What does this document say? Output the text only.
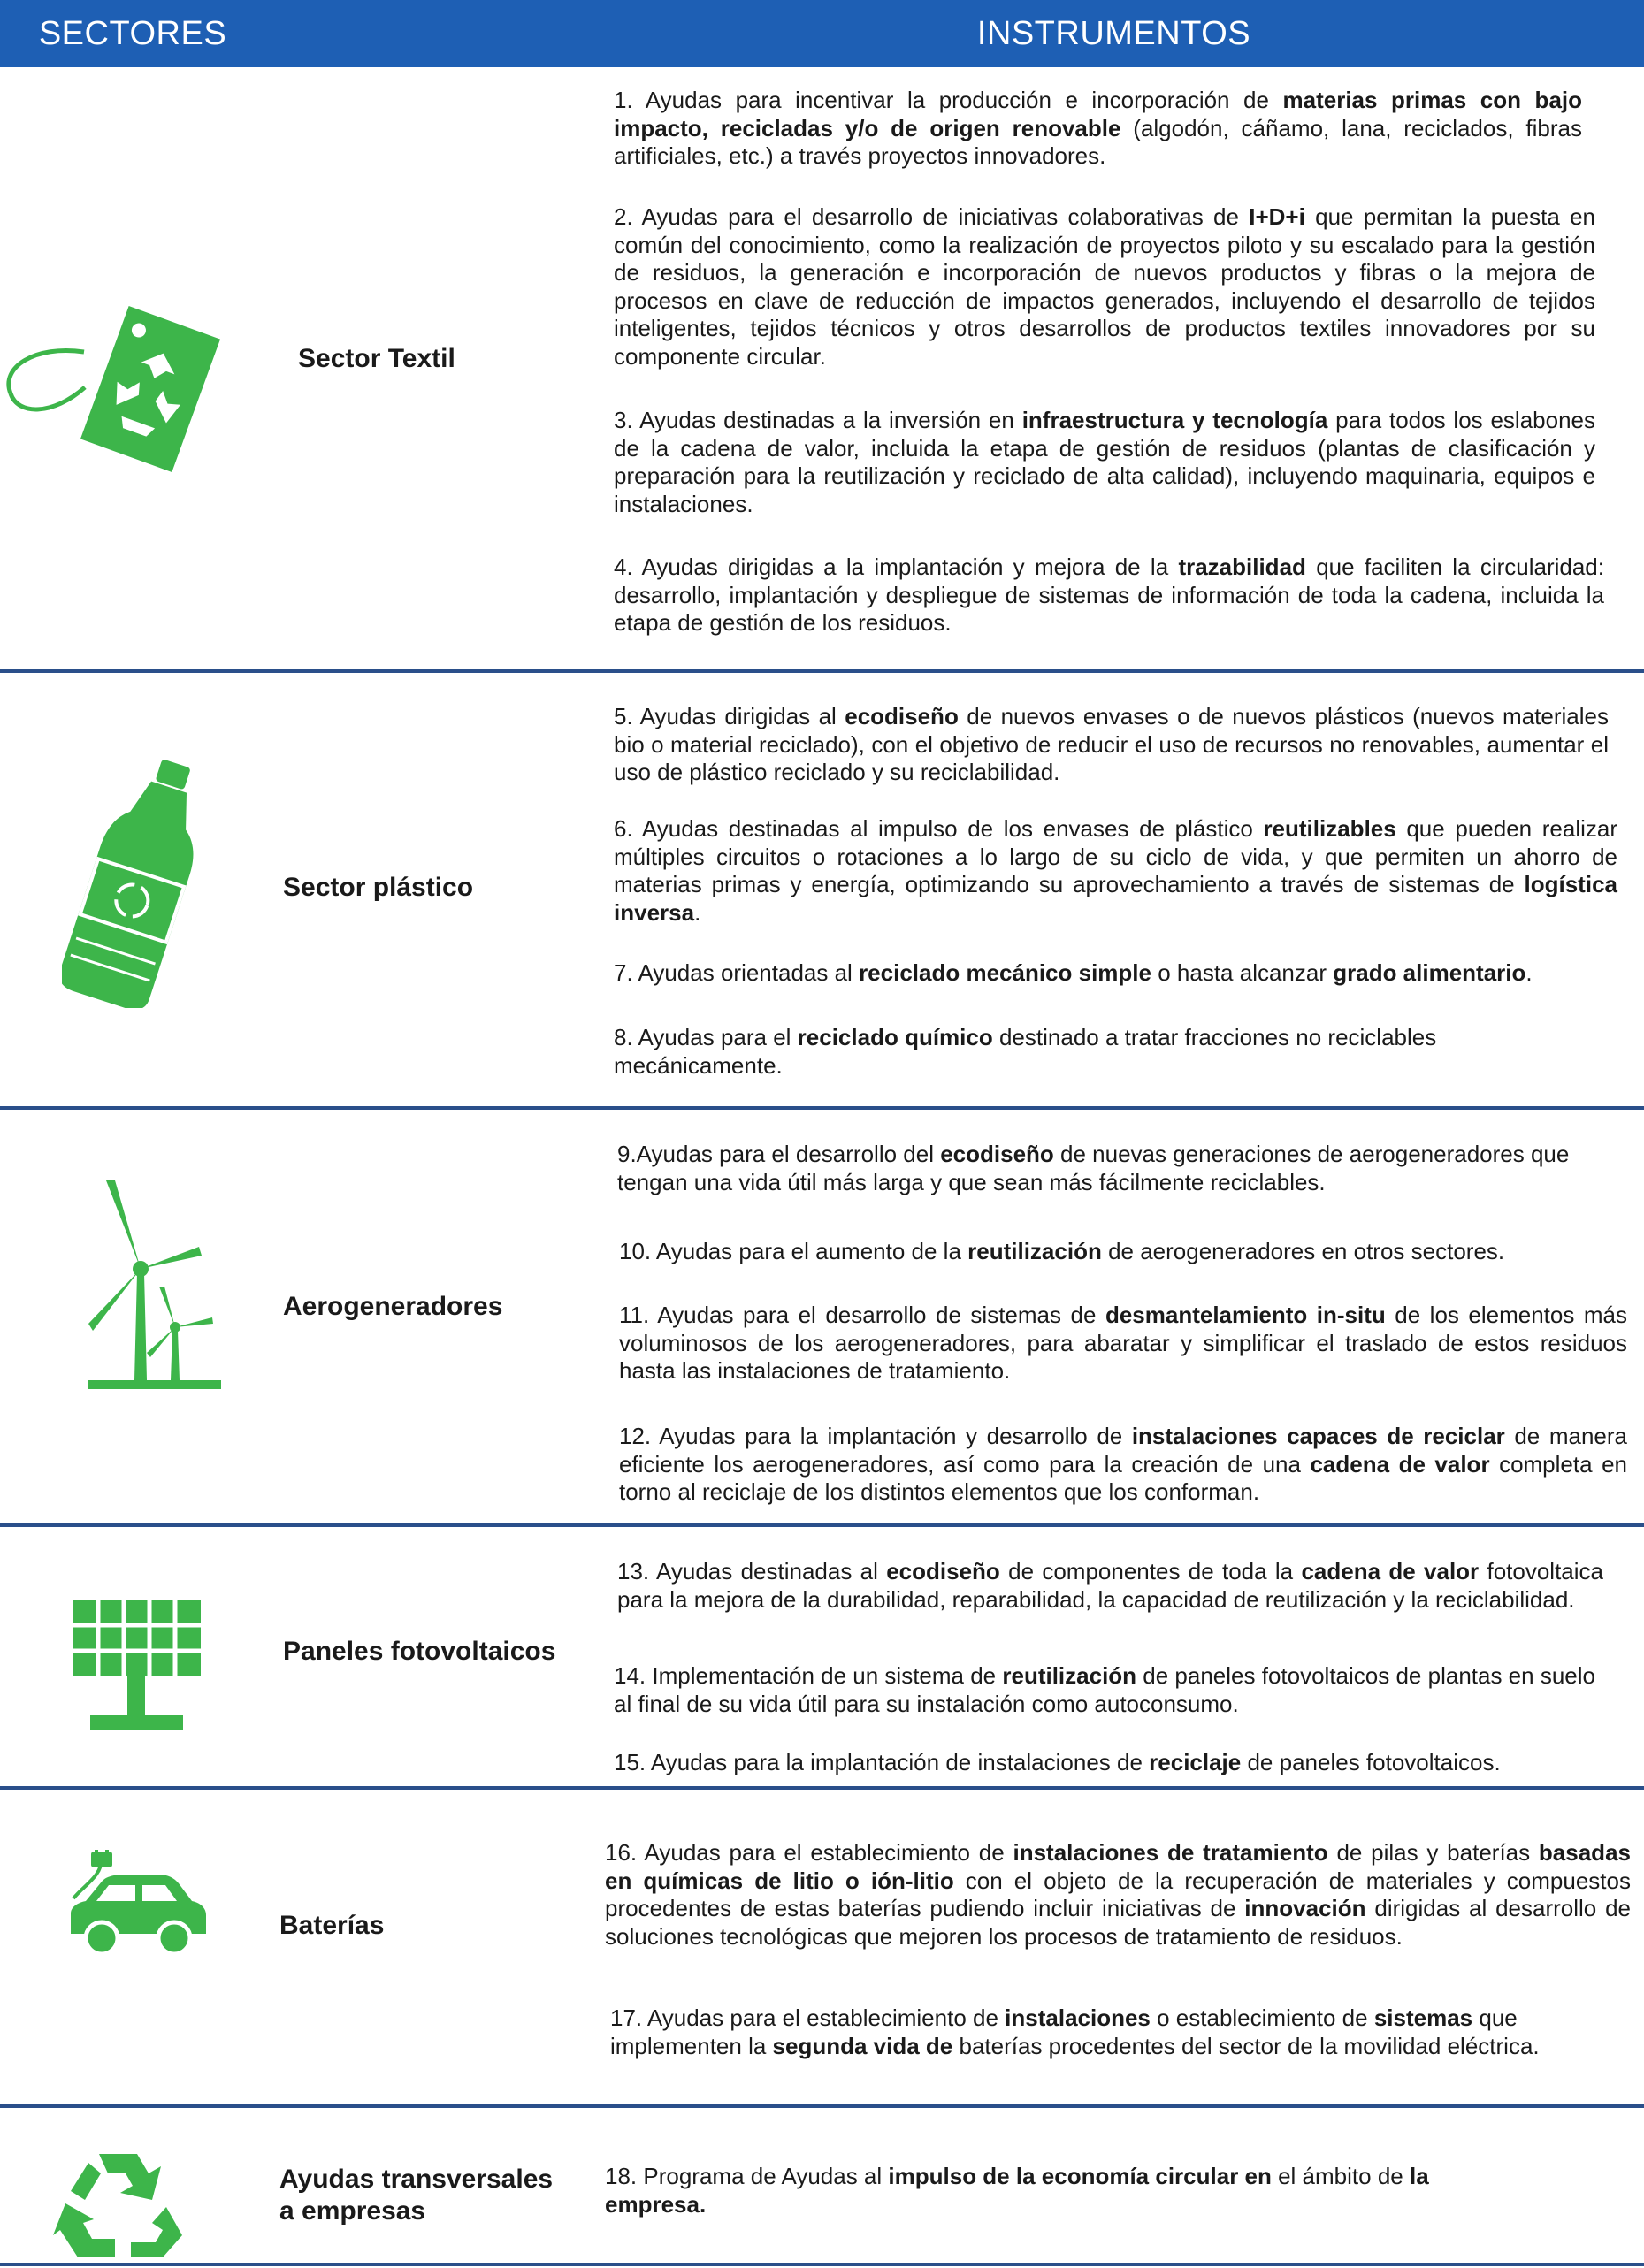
SECTORES	INSTRUMENTOS
Sector Textil
1. Ayudas para incentivar la producción e incorporación de materias primas con bajo impacto, recicladas y/o de origen renovable (algodón, cáñamo, lana, reciclados, fibras artificiales, etc.) a través proyectos innovadores.
2. Ayudas para el desarrollo de iniciativas colaborativas de I+D+i que permitan la puesta en común del conocimiento, como la realización de proyectos piloto y su escalado para la gestión de residuos, la generación e incorporación de nuevos productos y fibras o la mejora de procesos en clave de reducción de impactos generados, incluyendo el desarrollo de tejidos inteligentes, tejidos técnicos y otros desarrollos de productos textiles innovadores por su componente circular.
3. Ayudas destinadas a la inversión en infraestructura y tecnología para todos los eslabones de la cadena de valor, incluida la etapa de gestión de residuos (plantas de clasificación y preparación para la reutilización y reciclado de alta calidad), incluyendo maquinaria, equipos e instalaciones.
4. Ayudas dirigidas a la implantación y mejora de la trazabilidad que faciliten la circularidad: desarrollo, implantación y despliegue de sistemas de información de toda la cadena, incluida la etapa de gestión de los residuos.
Sector plástico
5. Ayudas dirigidas al ecodiseño de nuevos envases o de nuevos plásticos (nuevos materiales bio o material reciclado), con el objetivo de reducir el uso de recursos no renovables, aumentar el uso de plástico reciclado y su reciclabilidad.
6. Ayudas destinadas al impulso de los envases de plástico reutilizables que pueden realizar múltiples circuitos o rotaciones a lo largo de su ciclo de vida, y que permiten un ahorro de materias primas y energía, optimizando su aprovechamiento a través de sistemas de logística inversa.
7. Ayudas orientadas al reciclado mecánico simple o hasta alcanzar grado alimentario.
8. Ayudas para el reciclado químico destinado a tratar fracciones no reciclables mecánicamente.
Aerogeneradores
9.Ayudas para el desarrollo del ecodiseño de nuevas generaciones de aerogeneradores que tengan una vida útil más larga y que sean más fácilmente reciclables.
10. Ayudas para el aumento de la reutilización de aerogeneradores en otros sectores.
11. Ayudas para el desarrollo de sistemas de desmantelamiento in-situ de los elementos más voluminosos de los aerogeneradores, para abaratar y simplificar el traslado de estos residuos hasta las instalaciones de tratamiento.
12. Ayudas para la implantación y desarrollo de instalaciones capaces de reciclar de manera eficiente los aerogeneradores, así como para la creación de una cadena de valor completa en torno al reciclaje de los distintos elementos que los conforman.
Paneles fotovoltaicos
13. Ayudas destinadas al ecodiseño de componentes de toda la cadena de valor fotovoltaica para la mejora de la durabilidad, reparabilidad, la capacidad de reutilización y la reciclabilidad.
14. Implementación de un sistema de reutilización de paneles fotovoltaicos de plantas en suelo al final de su vida útil para su instalación como autoconsumo.
15. Ayudas para la implantación de instalaciones de reciclaje de paneles fotovoltaicos.
Baterías
16. Ayudas para el establecimiento de instalaciones de tratamiento de pilas y baterías basadas en químicas de litio o ión-litio con el objeto de la recuperación de materiales y compuestos procedentes de estas baterías pudiendo incluir iniciativas de innovación dirigidas al desarrollo de soluciones tecnológicas que mejoren los procesos de tratamiento de residuos.
17. Ayudas para el establecimiento de instalaciones o establecimiento de sistemas que implementen la segunda vida de baterías procedentes del sector de la movilidad eléctrica.
Ayudas transversales
a empresas
18. Programa de Ayudas al impulso de la economía circular en el ámbito de la empresa.
